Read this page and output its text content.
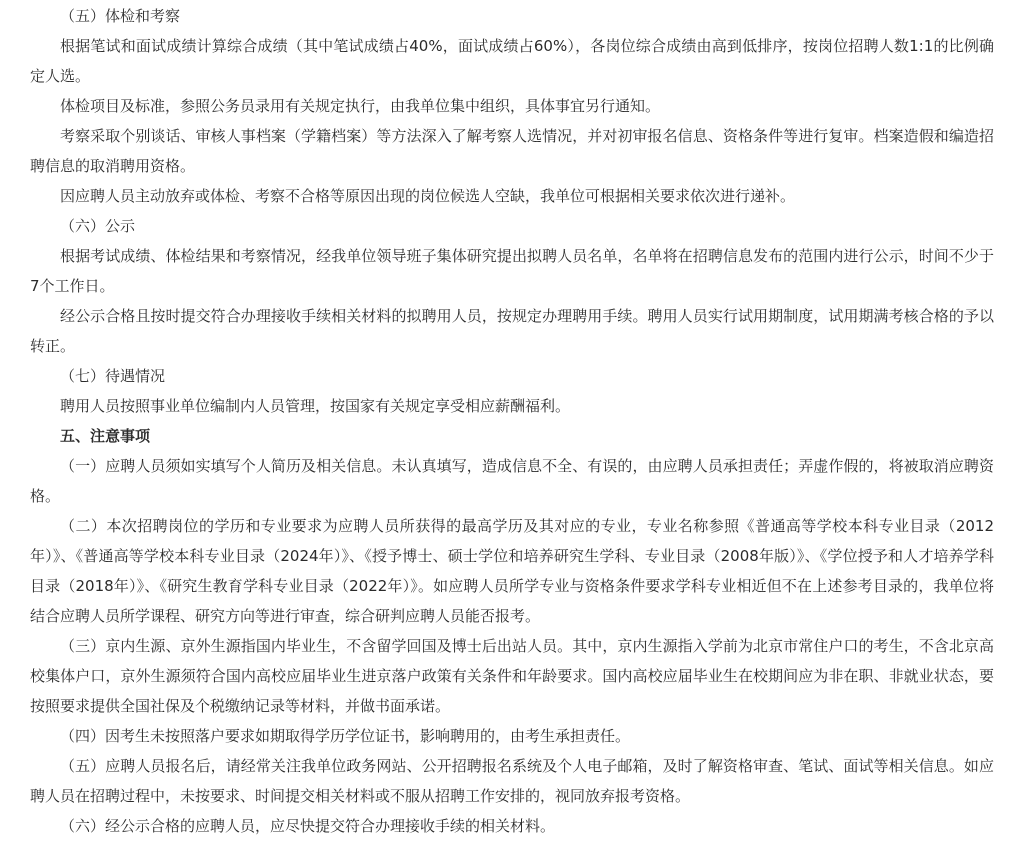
（五）体检和考察

根据笔试和面试成绩计算综合成绩（其中笔试成绩占40%，面试成绩占60%），各岗位综合成绩由高到低排序，按岗位招聘人数1:1的比例确定人选。

体检项目及标准，参照公务员录用有关规定执行，由我单位集中组织，具体事宜另行通知。

考察采取个别谈话、审核人事档案（学籍档案）等方法深入了解考察人选情况，并对初审报名信息、资格条件等进行复审。档案造假和编造招聘信息的取消聘用资格。

因应聘人员主动放弃或体检、考察不合格等原因出现的岗位候选人空缺，我单位可根据相关要求依次进行递补。

（六）公示

根据考试成绩、体检结果和考察情况，经我单位领导班子集体研究提出拟聘人员名单，名单将在招聘信息发布的范围内进行公示，时间不少于7个工作日。

经公示合格且按时提交符合办理接收手续相关材料的拟聘用人员，按规定办理聘用手续。聘用人员实行试用期制度，试用期满考核合格的予以转正。

（七）待遇情况

聘用人员按照事业单位编制内人员管理，按国家有关规定享受相应薪酬福利。

五、注意事项

（一）应聘人员须如实填写个人简历及相关信息。未认真填写，造成信息不全、有误的，由应聘人员承担责任；弄虚作假的，将被取消应聘资格。

（二）本次招聘岗位的学历和专业要求为应聘人员所获得的最高学历及其对应的专业，专业名称参照《普通高等学校本科专业目录（2012年）》、《普通高等学校本科专业目录（2024年）》、《授予博士、硕士学位和培养研究生学科、专业目录（2008年版）》、《学位授予和人才培养学科目录（2018年）》、《研究生教育学科专业目录（2022年）》。如应聘人员所学专业与资格条件要求学科专业相近但不在上述参考目录的，我单位将结合应聘人员所学课程、研究方向等进行审查，综合研判应聘人员能否报考。

（三）京内生源、京外生源指国内毕业生，不含留学回国及博士后出站人员。其中，京内生源指入学前为北京市常住户口的考生，不含北京高校集体户口，京外生源须符合国内高校应届毕业生进京落户政策有关条件和年龄要求。国内高校应届毕业生在校期间应为非在职、非就业状态，要按照要求提供全国社保及个税缴纳记录等材料，并做书面承诺。

（四）因考生未按照落户要求如期取得学历学位证书，影响聘用的，由考生承担责任。

（五）应聘人员报名后，请经常关注我单位政务网站、公开招聘报名系统及个人电子邮箱，及时了解资格审查、笔试、面试等相关信息。如应聘人员在招聘过程中，未按要求、时间提交相关材料或不服从招聘工作安排的，视同放弃报考资格。

（六）经公示合格的应聘人员，应尽快提交符合办理接收手续的相关材料。
